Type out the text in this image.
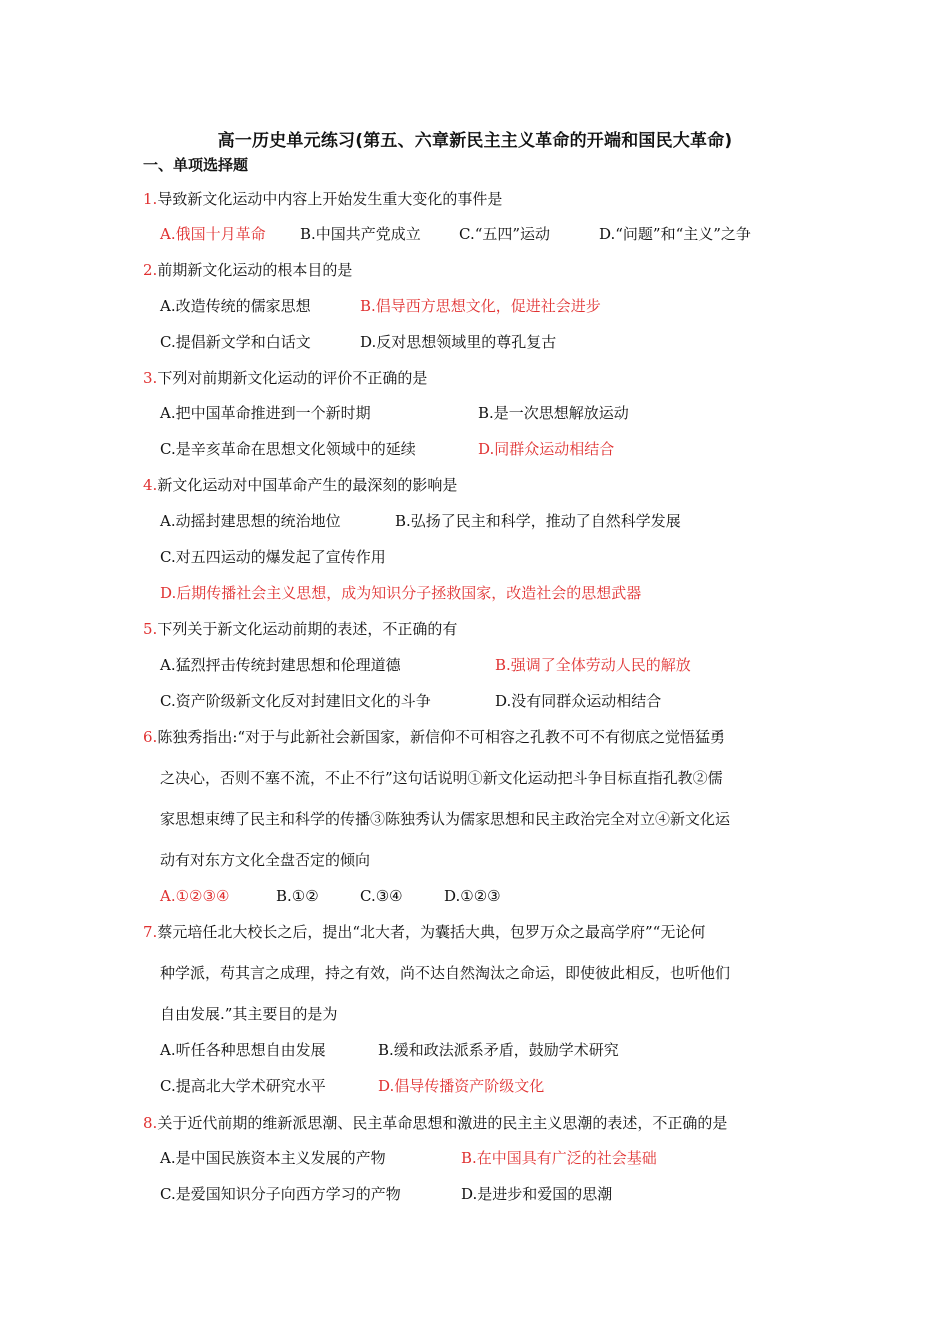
高一历史单元练习(第五、六章新民主主义革命的开端和国民大革命)
一、单项选择题
1.导致新文化运动中内容上开始发生重大变化的事件是
A.俄国十月革命 B.中国共产党成立	C.“五四”运动	D.“问题”和“主义”之争
2.前期新文化运动的根本目的是
A.改造传统的儒家思想	B.倡导西方思想文化，促进社会进步
C.提倡新文学和白话文	D.反对思想领域里的尊孔复古
3.下列对前期新文化运动的评价不正确的是
A.把中国革命推进到一个新时期	B.是一次思想解放运动
C.是辛亥革命在思想文化领域中的延续	D.同群众运动相结合
4.新文化运动对中国革命产生的最深刻的影响是
A.动摇封建思想的统治地位	B.弘扬了民主和科学，推动了自然科学发展
C.对五四运动的爆发起了宣传作用
D.后期传播社会主义思想，成为知识分子拯救国家，改造社会的思想武器
5.下列关于新文化运动前期的表述，不正确的有
A.猛烈抨击传统封建思想和伦理道德	B.强调了全体劳动人民的解放
C.资产阶级新文化反对封建旧文化的斗争	D.没有同群众运动相结合
6.陈独秀指出:“对于与此新社会新国家，新信仰不可相容之孔教不可不有彻底之觉悟猛勇
之决心，否则不塞不流，不止不行”这句话说明①新文化运动把斗争目标直指孔教②儒
家思想束缚了民主和科学的传播③陈独秀认为儒家思想和民主政治完全对立④新文化运
动有对东方文化全盘否定的倾向
A.①②③④	B.①②	C.③④	D.①②③
7.蔡元培任北大校长之后，提出“北大者，为囊括大典，包罗万众之最高学府”“无论何
种学派，苟其言之成理，持之有效，尚不达自然淘汰之命运，即使彼此相反，也听他们
自由发展.”其主要目的是为
A.听任各种思想自由发展	B.缓和政法派系矛盾，鼓励学术研究
C.提高北大学术研究水平	D.倡导传播资产阶级文化
8.关于近代前期的维新派思潮、民主革命思想和激进的民主主义思潮的表述，不正确的是
A.是中国民族资本主义发展的产物	B.在中国具有广泛的社会基础
C.是爱国知识分子向西方学习的产物	D.是进步和爱国的思潮
